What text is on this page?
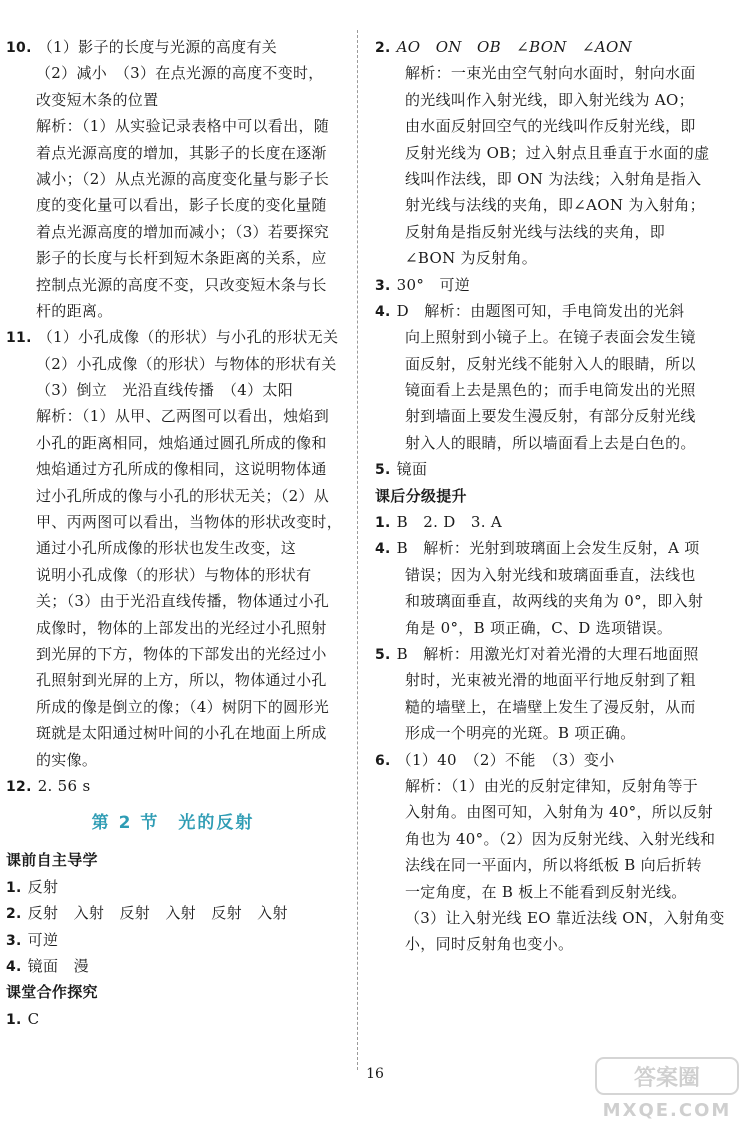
10. （1）影子的长度与光源的高度有关
（2）减小　（3）在点光源的高度不变时，
改变短木条的位置
解析：（1）从实验记录表格中可以看出，随
着点光源高度的增加，其影子的长度在逐渐
减小；（2）从点光源的高度变化量与影子长
度的变化量可以看出，影子长度的变化量随
着点光源高度的增加而减小；（3）若要探究
影子的长度与长杆到短木条距离的关系，应
控制点光源的高度不变，只改变短木条与长
杆的距离。
11. （1）小孔成像（的形状）与小孔的形状无关
（2）小孔成像（的形状）与物体的形状有关
（3）倒立　光沿直线传播　（4）太阳
解析：（1）从甲、乙两图可以看出，烛焰到
小孔的距离相同，烛焰通过圆孔所成的像和
烛焰通过方孔所成的像相同，这说明物体通
过小孔所成的像与小孔的形状无关；（2）从
甲、丙两图可以看出，当物体的形状改变时，
通过小孔所成像的形状也发生改变，这
说明小孔成像（的形状）与物体的形状有
关；（3）由于光沿直线传播，物体通过小孔
成像时，物体的上部发出的光经过小孔照射
到光屏的下方，物体的下部发出的光经过小
孔照射到光屏的上方，所以，物体通过小孔
所成的像是倒立的像；（4）树阴下的圆形光
斑就是太阳通过树叶间的小孔在地面上所成
的实像。
12. 2. 56 s
第 2 节　光的反射
课前自主导学
1. 反射
2. 反射　入射　反射　入射　反射　入射
3. 可逆
4. 镜面　漫
课堂合作探究
1. C
2. AO　ON　OB　∠BON　∠AON
解析：一束光由空气射向水面时，射向水面
的光线叫作入射光线，即入射光线为 AO；
由水面反射回空气的光线叫作反射光线，即
反射光线为 OB；过入射点且垂直于水面的虚
线叫作法线，即 ON 为法线；入射角是指入
射光线与法线的夹角，即∠AON 为入射角；
反射角是指反射光线与法线的夹角，即
∠BON 为反射角。
3. 30°　可逆
4. D　解析：由题图可知，手电筒发出的光斜
向上照射到小镜子上。在镜子表面会发生镜
面反射，反射光线不能射入人的眼睛，所以
镜面看上去是黑色的；而手电筒发出的光照
射到墙面上要发生漫反射，有部分反射光线
射入人的眼睛，所以墙面看上去是白色的。
5. 镜面
课后分级提升
1. B　2. D　3. A
4. B　解析：光射到玻璃面上会发生反射，A 项
错误；因为入射光线和玻璃面垂直，法线也
和玻璃面垂直，故两线的夹角为 0°，即入射
角是 0°，B 项正确，C、D 选项错误。
5. B　解析：用激光灯对着光滑的大理石地面照
射时，光束被光滑的地面平行地反射到了粗
糙的墙壁上，在墙壁上发生了漫反射，从而
形成一个明亮的光斑。B 项正确。
6. （1）40　（2）不能　（3）变小
解析：（1）由光的反射定律知，反射角等于
入射角。由图可知，入射角为 40°，所以反射
角也为 40°。（2）因为反射光线、入射光线和
法线在同一平面内，所以将纸板 B 向后折转
一定角度，在 B 板上不能看到反射光线。
（3）让入射光线 EO 靠近法线 ON，入射角变
小，同时反射角也变小。
16	答案圈
MXQE.COM
